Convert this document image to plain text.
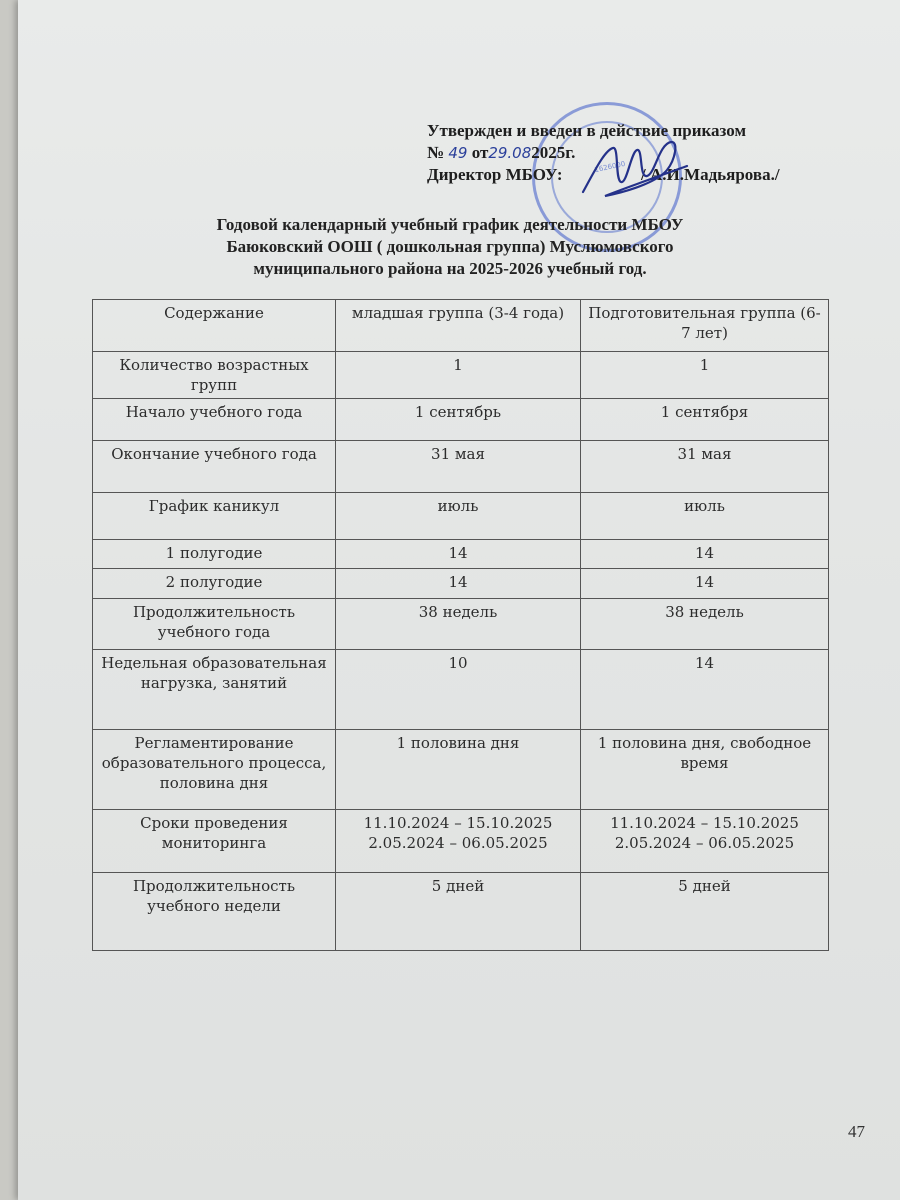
1626000
Утвержден и введен в действие приказом
№ 49 от29.082025г.
Директор МБОУ:	/ А.И.Мадьярова./
Годовой календарный учебный график деятельности МБОУ
Баюковский ООШ ( дошкольная группа) Муслюмовского
муниципального района на 2025-2026 учебный год.
Содержание	младшая группа (3-4 года)	Подготовительная группа (6-7 лет)
Количество возрастных групп	1	1
Начало учебного года	1 сентябрь	1 сентября
Окончание учебного года	31 мая	31 мая
График каникул	июль	июль
1 полугодие	14	14
2 полугодие	14	14
Продолжительность учебного года	38 недель	38 недель
Недельная образовательная нагрузка, занятий	10	14
Регламентирование образовательного процесса, половина дня	1 половина дня	1 половина дня, свободное время
Сроки проведения мониторинга	11.10.2024 – 15.10.2025 2.05.2024 – 06.05.2025	11.10.2024 – 15.10.2025 2.05.2024 – 06.05.2025
Продолжительность учебного недели	5 дней	5 дней
47
